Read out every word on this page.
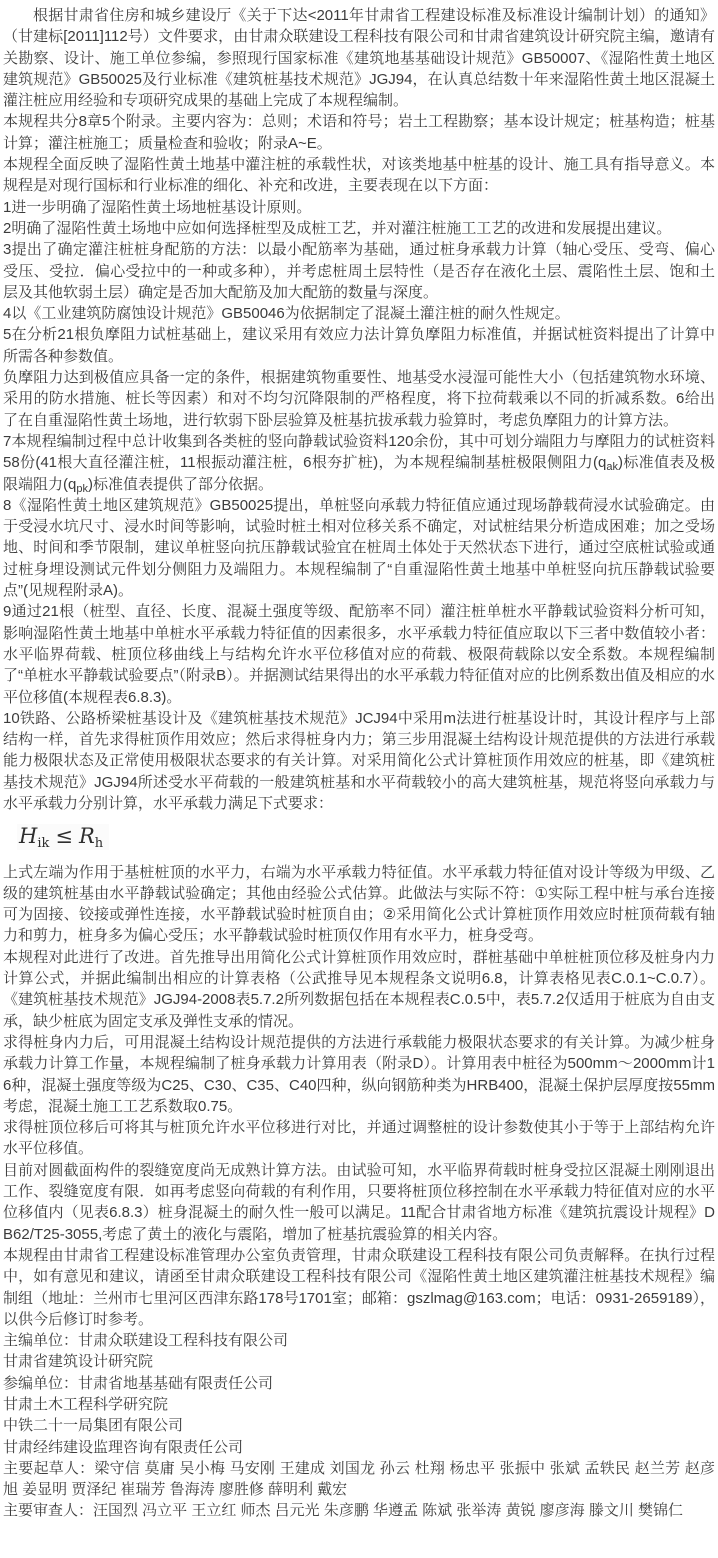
根据甘肃省住房和城乡建设厅《关于下达<2011年甘肃省工程建设标准及标准设计编制计划）的通知》（甘建标[2011]112号）文件要求，由甘肃众联建设工程科技有限公司和甘肃省建筑设计研究院主编，邀请有关勘察、设计、施工单位参编，参照现行国家标准《建筑地基基础设计规范》GB50007、《湿陷性黄土地区建筑规范》GB50025及行业标准《建筑桩基技术规范》JGJ94，在认真总结数十年来湿陷性黄土地区混凝土灌注桩应用经验和专项研究成果的基础上完成了本规程编制。

本规程共分8章5个附录。主要内容为：总则；术语和符号；岩土工程勘察；基本设计规定；桩基构造；桩基计算；灌注桩施工；质量检查和验收；附录A~E。

本规程全面反映了湿陷性黄土地基中灌注桩的承载性状，对该类地基中桩基的设计、施工具有指导意义。本规程是对现行国标和行业标准的细化、补充和改进，主要表现在以下方面：

1进一步明确了湿陷性黄土场地桩基设计原则。

2明确了湿陷性黄土场地中应如何选择桩型及成桩工艺，并对灌注桩施工工艺的改进和发展提出建议。

3提出了确定灌注桩桩身配筋的方法：以最小配筋率为基础，通过桩身承载力计算（轴心受压、受弯、偏心受压、受拉．偏心受拉中的一种或多种），并考虑桩周土层特性（是否存在液化土层、震陷性土层、饱和土层及其他软弱土层）确定是否加大配筋及加大配筋的数量与深度。

4以《工业建筑防腐蚀设计规范》GB50046为依据制定了混凝土灌注桩的耐久性规定。

5在分析21根负摩阻力试桩基础上，建议采用有效应力法计算负摩阻力标准值，并据试桩资料提出了计算中所需各种参数值。

负摩阻力达到极值应具备一定的条件，根据建筑物重要性、地基受水浸湿可能性大小（包括建筑物水环境、采用的防水措施、桩长等因素）和对不均匀沉降限制的严格程度，将下拉荷载乘以不同的折减系数。6给出了在自重湿陷性黄土场地，进行软弱下卧层验算及桩基抗拔承载力验算时，考虑负摩阻力的计算方法。

7本规程编制过程中总计收集到各类桩的竖向静载试验资料120余份，其中可划分端阻力与摩阻力的试桩资料58份(41根大直径灌注桩，11根振动灌注桩，6根夯扩桩)，为本规程编制基桩极限侧阻力$(q_{ak})$标准值表及极限端阻力$(q_{pk})$标准值表提供了部分依据。

8《湿陷性黄土地区建筑规范》GB50025提出，单桩竖向承载力特征值应通过现场静载荷浸水试验确定。由于受浸水坑尺寸、浸水时间等影响，试验时桩土相对位移关系不确定，对试桩结果分析造成困难；加之受场地、时间和季节限制，建议单桩竖向抗压静载试验宜在桩周土体处于天然状态下进行，通过空底桩试验或通过桩身埋设测试元件划分侧阻力及端阻力。本规程编制了“自重湿陷性黄土地基中单桩竖向抗压静载试验要点”(见规程附录A)。

9通过21根（桩型、直径、长度、混凝土强度等级、配筋率不同）灌注桩单桩水平静载试验资料分析可知，影响湿陷性黄土地基中单桩水平承载力特征值的因素很多，水平承载力特征值应取以下三者中数值较小者：水平临界荷载、桩顶位移曲线上与结构允许水平位移值对应的荷载、极限荷载除以安全系数。本规程编制了“单桩水平静载试验要点”（附录B）。并据测试结果得出的水平承载力特征值对应的比例系数出值及相应的水平位移值(本规程表6.8.3)。

10铁路、公路桥梁桩基设计及《建筑桩基技术规范》JCJ94中采用m法进行桩基设计时，其设计程序与上部结构一样，首先求得桩顶作用效应；然后求得桩身内力；第三步用混凝土结构设计规范提供的方法进行承载能力极限状态及正常使用极限状态要求的有关计算。对采用简化公式计算桩顶作用效应的桩基，即《建筑桩基技术规范》JGJ94所述受水平荷载的一般建筑桩基和水平荷载较小的高大建筑桩基，规范将竖向承载力与水平承载力分别计算，水平承载力满足下式要求：

$H_{ik} \le R_h$

上式左端为作用于基桩桩顶的水平力，右端为水平承载力特征值。水平承载力特征值对设计等级为甲级、乙级的建筑桩基由水平静载试验确定；其他由经验公式估算。此做法与实际不符：①实际工程中桩与承台连接可为固接、铰接或弹性连接，水平静载试验时桩顶自由；②采用简化公式计算桩顶作用效应时桩顶荷载有轴力和剪力，桩身多为偏心受压；水平静载试验时桩顶仅作用有水平力，桩身受弯。

本规程对此进行了改进。首先推导出用简化公式计算桩顶作用效应时，群桩基础中单桩桩顶位移及桩身内力计算公式，并据此编制出相应的计算表格（公武推导见本规程条文说明6.8，计算表格见表C.0.1~C.0.7）。《建筑桩基技术规范》JGJ94-2008表5.7.2所列数据包括在本规程表C.0.5中，表5.7.2仅适用于桩底为自由支承，缺少桩底为固定支承及弹性支承的情况。

求得桩身内力后，可用混凝土结构设计规范提供的方法进行承载能力极限状态要求的有关计算。为减少桩身承载力计算工作量，本规程编制了桩身承载力计算用表（附录D）。计算用表中桩径为500mm～2000mm计16种，混凝土强度等级为C25、C30、C35、C40四种，纵向钢筋种类为HRB400，混凝土保护层厚度按55mm考虑，混凝土施工工艺系数取0.75。

求得桩顶位移后可将其与桩顶允许水平位移进行对比，并通过调整桩的设计参数使其小于等于上部结构允许水平位移值。

目前对圆截面构件的裂缝宽度尚无成熟计算方法。由试验可知，水平临界荷载时桩身受拉区混凝土刚刚退出工作、裂缝宽度有限．如再考虑竖向荷载的有利作用，只要将桩顶位移控制在水平承载力特征值对应的水平位移值内（见表6.8.3）桩身混凝土的耐久性一般可以满足。11配合甘肃省地方标准《建筑抗震设计规程》DB62/T25-3055,考虑了黄土的液化与震陷，增加了桩基抗震验算的相关内容。

本规程由甘肃省工程建设标准管理办公室负责管理，甘肃众联建设工程科技有限公司负责解释。在执行过程中，如有意见和建议，请函至甘肃众联建设工程科技有限公司《湿陷性黄土地区建筑灌注桩基技术规程》编制组（地址：兰州市七里河区西津东路178号1701室；邮箱：gszlmag@163.com；电话：0931-2659189），以供今后修订时参考。

主编单位：甘肃众联建设工程科技有限公司

甘肃省建筑设计研究院

参编单位：甘肃省地基基础有限责任公司

甘肃土木工程科学研究院

中铁二十一局集团有限公司

甘肃经纬建设监理咨询有限责任公司

主要起草人：梁守信 莫庸 吴小梅 马安刚 王建成 刘国龙 孙云 杜翔 杨忠平 张振中 张斌 孟轶民 赵兰芳 赵彦旭 姜显明 贾泽纪 崔瑞芳 鲁海涛 廖胜修 薛明利 戴宏

主要审查人：汪国烈 冯立平 王立红 师杰 吕元光 朱彦鹏 华遵孟 陈斌 张举涛 黄锐 廖彦海 滕文川 樊锦仁
